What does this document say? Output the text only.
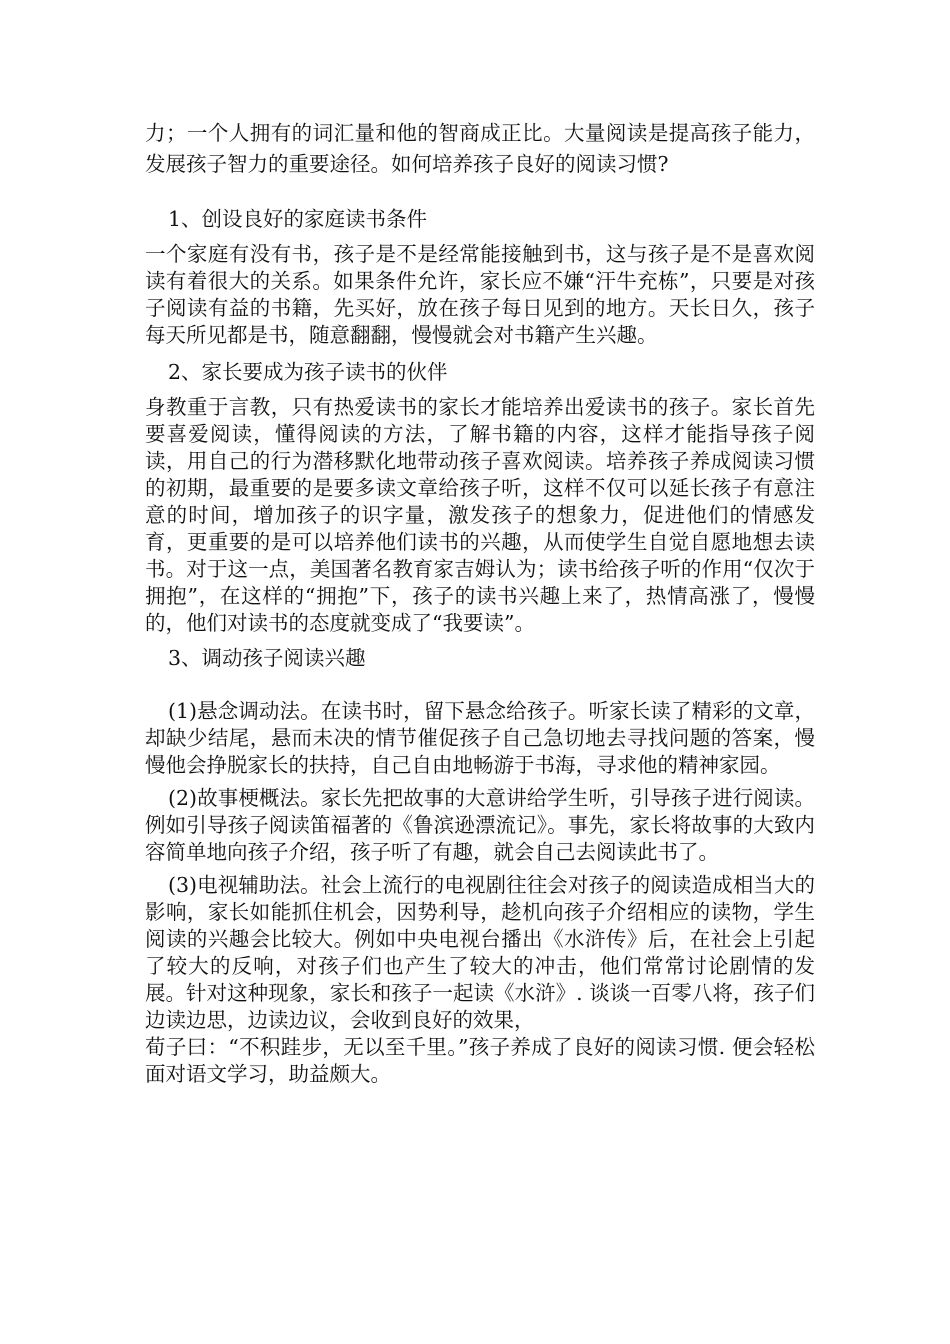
力；一个人拥有的词汇量和他的智商成正比。大量阅读是提高孩子能力，发展孩子智力的重要途径。如何培养孩子良好的阅读习惯?

1、创设良好的家庭读书条件

一个家庭有没有书，孩子是不是经常能接触到书，这与孩子是不是喜欢阅读有着很大的关系。如果条件允许，家长应不嫌“汗牛充栋”，只要是对孩子阅读有益的书籍，先买好，放在孩子每日见到的地方。天长日久，孩子每天所见都是书，随意翻翻，慢慢就会对书籍产生兴趣。

2、家长要成为孩子读书的伙伴

身教重于言教，只有热爱读书的家长才能培养出爱读书的孩子。家长首先要喜爱阅读，懂得阅读的方法，了解书籍的内容，这样才能指导孩子阅读，用自己的行为潜移默化地带动孩子喜欢阅读。培养孩子养成阅读习惯的初期，最重要的是要多读文章给孩子听，这样不仅可以延长孩子有意注意的时间，增加孩子的识字量，激发孩子的想象力，促进他们的情感发育，更重要的是可以培养他们读书的兴趣，从而使学生自觉自愿地想去读书。对于这一点，美国著名教育家吉姆认为；读书给孩子听的作用“仅次于拥抱”，在这样的“拥抱”下，孩子的读书兴趣上来了，热情高涨了，慢慢的，他们对读书的态度就变成了“我要读”。

3、调动孩子阅读兴趣

(1)悬念调动法。在读书时，留下悬念给孩子。听家长读了精彩的文章，却缺少结尾，悬而未决的情节催促孩子自己急切地去寻找问题的答案，慢慢他会挣脱家长的扶持，自己自由地畅游于书海，寻求他的精神家园。

(2)故事梗概法。家长先把故事的大意讲给学生听，引导孩子进行阅读。例如引导孩子阅读笛福著的《鲁滨逊漂流记》。事先，家长将故事的大致内容简单地向孩子介绍，孩子听了有趣，就会自己去阅读此书了。

(3)电视辅助法。社会上流行的电视剧往往会对孩子的阅读造成相当大的影响，家长如能抓住机会，因势利导，趁机向孩子介绍相应的读物，学生阅读的兴趣会比较大。例如中央电视台播出《水浒传》后，在社会上引起了较大的反响，对孩子们也产生了较大的冲击，他们常常讨论剧情的发展。针对这种现象，家长和孩子一起读《水浒》. 谈谈一百零八将，孩子们边读边思，边读边议，会收到良好的效果，

荀子曰：“不积跬步，无以至千里。”孩子养成了良好的阅读习惯. 便会轻松面对语文学习，助益颇大。
